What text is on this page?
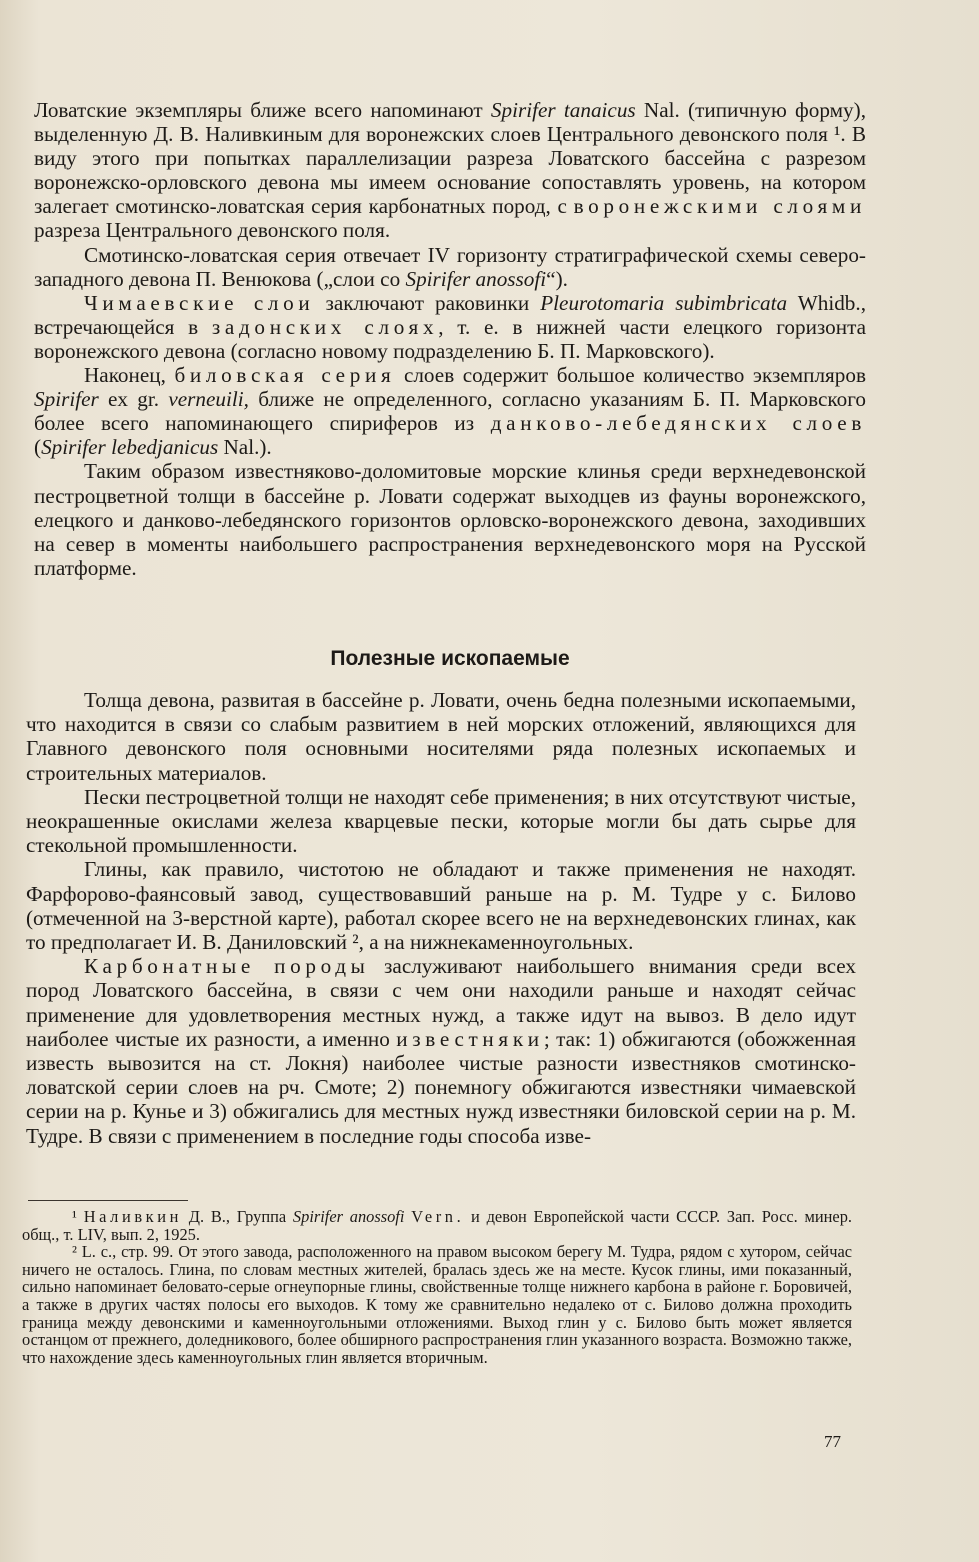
Ловатские экземпляры ближе всего напоминают Spirifer tanaicus Nal. (типичную форму), выделенную Д. В. Наливкиным для воронежских слоев Центрального девонского поля ¹. В виду этого при попытках параллелизации разреза Ловатского бассейна с разрезом воронежско-орловского девона мы имеем основание сопоставлять уровень, на котором залегает смотинско-ловатская серия карбонатных пород, с воронежскими слоями разреза Центрального девонского поля.

Смотинско-ловатская серия отвечает IV горизонту стратиграфической схемы северо-западного девона П. Венюкова („слои со Spirifer anossofi“).

Чимаевские слои заключают раковинки Pleurotomaria subimbricata Whidb., встречающейся в задонских слоях, т. е. в нижней части елецкого горизонта воронежского девона (согласно новому подразделению Б. П. Марковского).

Наконец, биловская серия слоев содержит большое количество экземпляров Spirifer ex gr. verneuili, ближе не определенного, согласно указаниям Б. П. Марковского более всего напоминающего спириферов из данково-лебедянских слоев (Spirifer lebedjanicus Nal.).

Таким образом известняково-доломитовые морские клинья среди верхнедевонской пестроцветной толщи в бассейне р. Ловати содержат выходцев из фауны воронежского, елецкого и данково-лебедянского горизонтов орловско-воронежского девона, заходивших на север в моменты наибольшего распространения верхнедевонского моря на Русской платформе.

Полезные ископаемые

Толща девона, развитая в бассейне р. Ловати, очень бедна полезными ископаемыми, что находится в связи со слабым развитием в ней морских отложений, являющихся для Главного девонского поля основными носителями ряда полезных ископаемых и строительных материалов.

Пески пестроцветной толщи не находят себе применения; в них отсутствуют чистые, неокрашенные окислами железа кварцевые пески, которые могли бы дать сырье для стекольной промышленности.

Глины, как правило, чистотою не обладают и также применения не находят. Фарфорово-фаянсовый завод, существовавший раньше на р. М. Тудре у с. Билово (отмеченной на 3-верстной карте), работал скорее всего не на верхнедевонских глинах, как то предполагает И. В. Даниловский ², а на нижнекаменноугольных.

Карбонатные породы заслуживают наибольшего внимания среди всех пород Ловатского бассейна, в связи с чем они находили раньше и находят сейчас применение для удовлетворения местных нужд, а также идут на вывоз. В дело идут наиболее чистые их разности, а именно известняки; так: 1) обжигаются (обожженная известь вывозится на ст. Локня) наиболее чистые разности известняков смотинско-ловатской серии слоев на рч. Смоте; 2) понемногу обжигаются известняки чимаевской серии на р. Кунье и 3) обжигались для местных нужд известняки биловской серии на р. М. Тудре. В связи с применением в последние годы способа изве-

¹ Наливкин Д. В., Группа Spirifer anossofi Vern. и девон Европейской части СССР. Зап. Росс. минер. общ., т. LIV, вып. 2, 1925.

² L. c., стр. 99. От этого завода, расположенного на правом высоком берегу М. Тудра, рядом с хутором, сейчас ничего не осталось. Глина, по словам местных жителей, бралась здесь же на месте. Кусок глины, ими показанный, сильно напоминает беловато-серые огнеупорные глины, свойственные толще нижнего карбона в районе г. Боровичей, а также в других частях полосы его выходов. К тому же сравнительно недалеко от с. Билово должна проходить граница между девонскими и каменноугольными отложениями. Выход глин у с. Билово быть может является останцом от прежнего, доледникового, более обширного распространения глин указанного возраста. Возможно также, что нахождение здесь каменноугольных глин является вторичным.

77
